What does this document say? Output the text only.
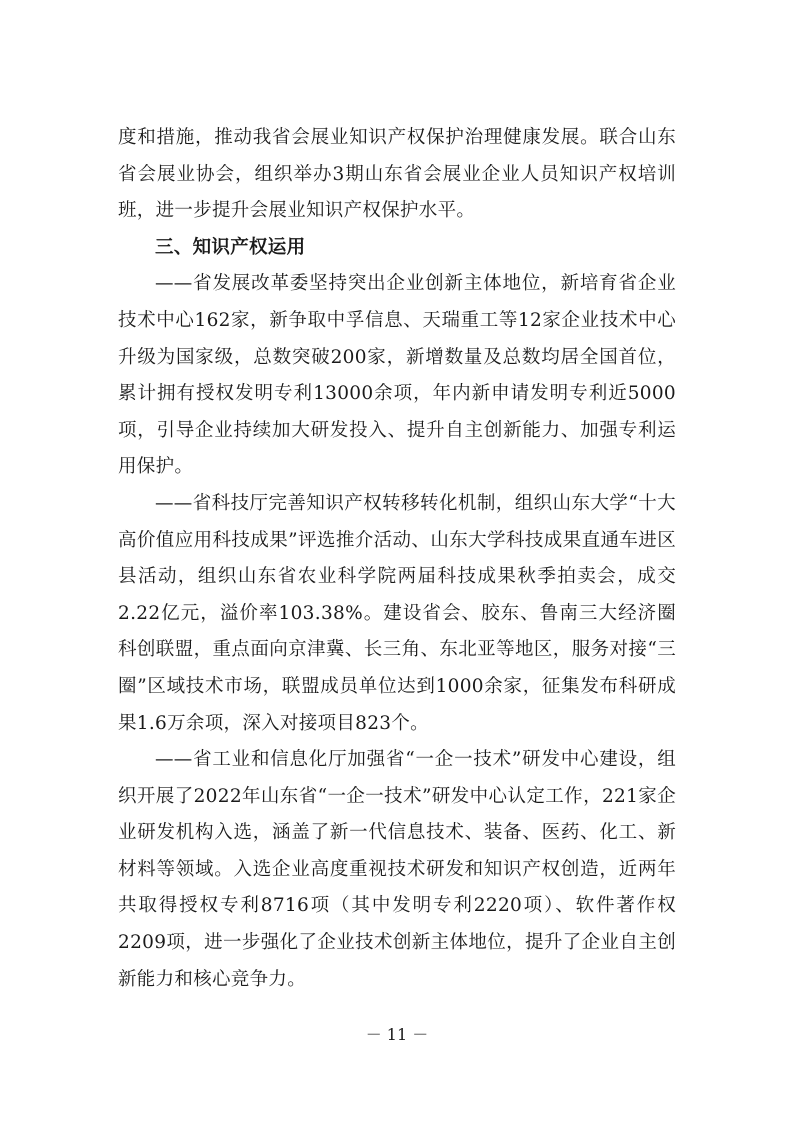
度和措施，推动我省会展业知识产权保护治理健康发展。联合山东省会展业协会，组织举办3期山东省会展业企业人员知识产权培训班，进一步提升会展业知识产权保护水平。

三、知识产权运用

——省发展改革委坚持突出企业创新主体地位，新培育省企业技术中心162家，新争取中孚信息、天瑞重工等12家企业技术中心升级为国家级，总数突破200家，新增数量及总数均居全国首位，累计拥有授权发明专利13000余项，年内新申请发明专利近5000项，引导企业持续加大研发投入、提升自主创新能力、加强专利运用保护。

——省科技厅完善知识产权转移转化机制，组织山东大学“十大高价值应用科技成果”评选推介活动、山东大学科技成果直通车进区县活动，组织山东省农业科学院两届科技成果秋季拍卖会，成交2.22亿元，溢价率103.38%。建设省会、胶东、鲁南三大经济圈科创联盟，重点面向京津冀、长三角、东北亚等地区，服务对接“三圈”区域技术市场，联盟成员单位达到1000余家，征集发布科研成果1.6万余项，深入对接项目823个。

——省工业和信息化厅加强省“一企一技术”研发中心建设，组织开展了2022年山东省“一企一技术”研发中心认定工作，221家企业研发机构入选，涵盖了新一代信息技术、装备、医药、化工、新材料等领域。入选企业高度重视技术研发和知识产权创造，近两年共取得授权专利8716项（其中发明专利2220项）、软件著作权2209项，进一步强化了企业技术创新主体地位，提升了企业自主创新能力和核心竞争力。

－ 11 －
